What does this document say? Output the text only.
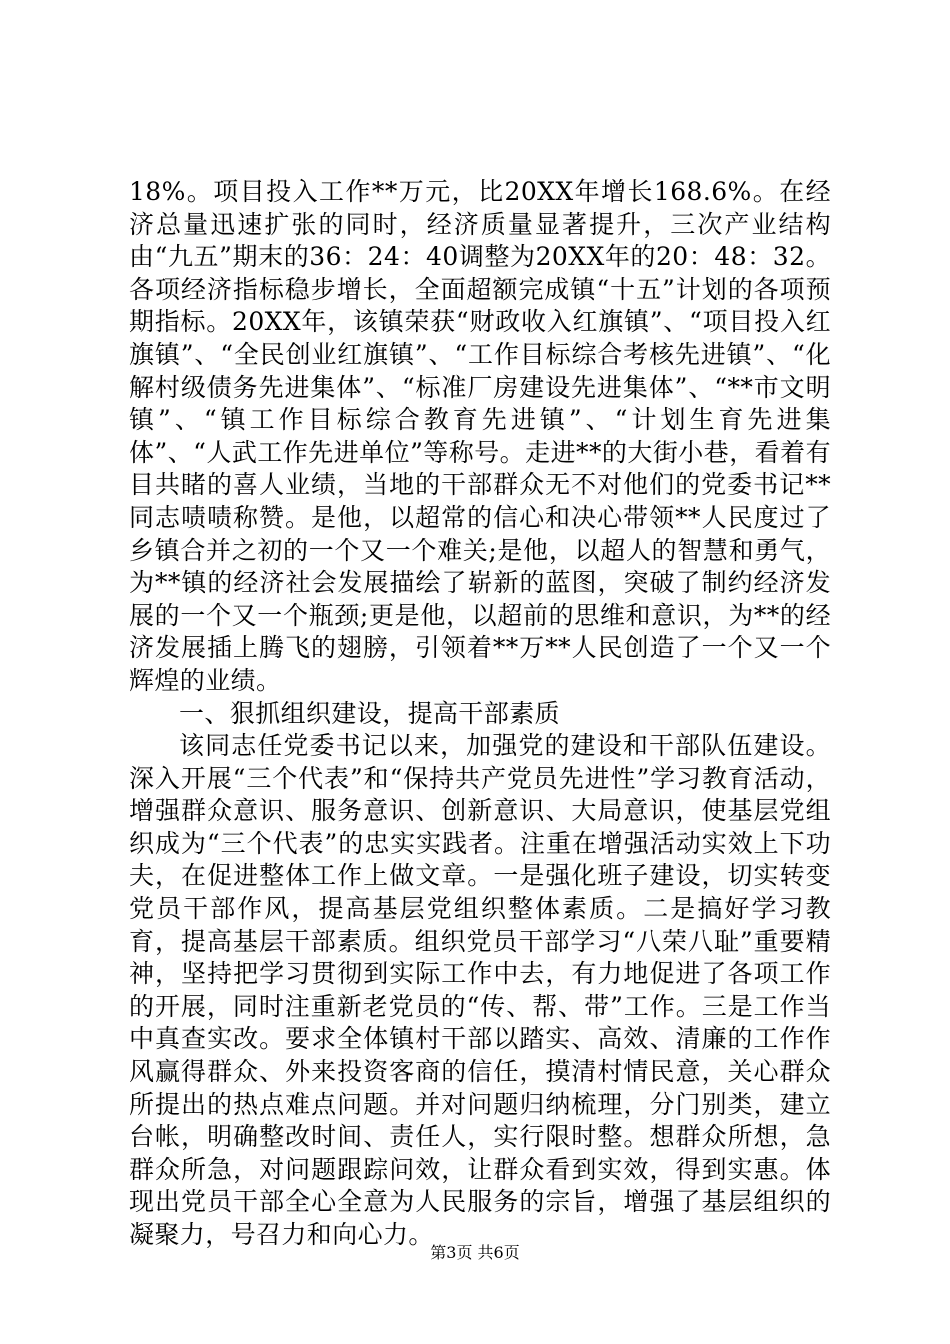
18%。项目投入工作**万元，比20XX年增长168.6%。在经济总量迅速扩张的同时，经济质量显著提升，三次产业结构由“九五”期末的36：24：40调整为20XX年的20：48：32。各项经济指标稳步增长，全面超额完成镇“十五”计划的各项预期指标。20XX年，该镇荣获“财政收入红旗镇”、“项目投入红旗镇”、“全民创业红旗镇”、“工作目标综合考核先进镇”、“化解村级债务先进集体”、“标准厂房建设先进集体”、“**市文明镇”、“镇工作目标综合教育先进镇”、“计划生育先进集体”、“人武工作先进单位”等称号。走进**的大街小巷，看着有目共睹的喜人业绩，当地的干部群众无不对他们的党委书记**同志啧啧称赞。是他，以超常的信心和决心带领**人民度过了乡镇合并之初的一个又一个难关;是他，以超人的智慧和勇气，为**镇的经济社会发展描绘了崭新的蓝图，突破了制约经济发展的一个又一个瓶颈;更是他，以超前的思维和意识，为**的经济发展插上腾飞的翅膀，引领着**万**人民创造了一个又一个辉煌的业绩。

一、狠抓组织建设，提高干部素质

该同志任党委书记以来，加强党的建设和干部队伍建设。深入开展“三个代表”和“保持共产党员先进性”学习教育活动，增强群众意识、服务意识、创新意识、大局意识，使基层党组织成为“三个代表”的忠实实践者。注重在增强活动实效上下功夫，在促进整体工作上做文章。一是强化班子建设，切实转变党员干部作风，提高基层党组织整体素质。二是搞好学习教育，提高基层干部素质。组织党员干部学习“八荣八耻”重要精神，坚持把学习贯彻到实际工作中去，有力地促进了各项工作的开展，同时注重新老党员的“传、帮、带”工作。三是工作当中真查实改。要求全体镇村干部以踏实、高效、清廉的工作作风赢得群众、外来投资客商的信任，摸清村情民意，关心群众所提出的热点难点问题。并对问题归纳梳理，分门别类，建立台帐，明确整改时间、责任人，实行限时整。想群众所想，急群众所急，对问题跟踪问效，让群众看到实效，得到实惠。体现出党员干部全心全意为人民服务的宗旨，增强了基层组织的凝聚力，号召力和向心力。

第3页 共6页
